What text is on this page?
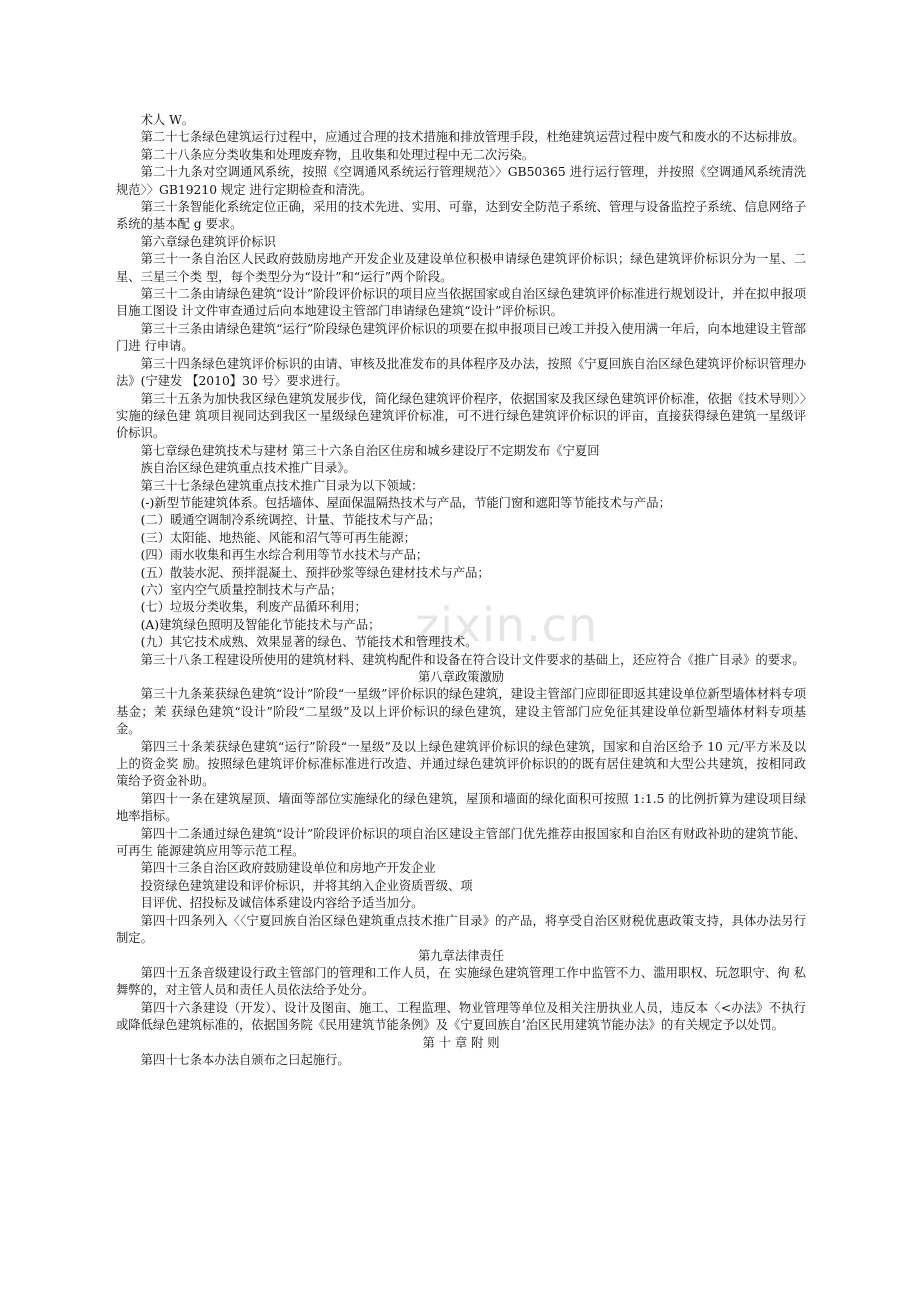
zixin.cn
术人 W。
第二十七条绿色建筑运行过程中，应通过合理的技术措施和排放管理手段，杜绝建筑运营过程中废气和废水的不达标排放。
第二十八条应分类收集和处理废弃物，且收集和处理过程中无二次污染。
第二十九条对空调通风系统，按照《空调通风系统运行管理规范〉〉GB50365 进行运行管理，并按照《空调通风系统清洗规范〉〉GB19210 规定 进行定期检查和清洗。
第三十条智能化系统定位正确，采用的技术先进、实用、可靠，达到安全防范子系统、管理与设备监控子系统、信息网络子系统的基本配 g 要求。
第六章绿色建筑评价标识
第三十一条自治区人民政府鼓励房地产开发企业及建设单位积极申请绿色建筑评价标识；绿色建筑评价标识分为一星、二星、三星三个类 型，每个类型分为“设计”和“运行”两个阶段。
第三十二条由请绿色建筑“设计”阶段评价标识的项目应当依据国家或自治区绿色建筑评价标准进行规划设计，并在拟申报项目施工图设 计文件审查通过后向本地建设主管部门串请绿色建筑“设计”评价标识。
第三十三条由请绿色建筑“运行”阶段绿色建筑评价标识的项要在拟申报项目已竣工并投入使用满一年后，向本地建设主管部门进 行申请。
第三十四条绿色建筑评价标识的由请、审核及批准发布的具体程序及办法，按照《宁夏回族自治区绿色建筑评价标识管理办法》(宁建发 【2010】30 号〉要求进行。
第三十五条为加快我区绿色建筑发展步伐，简化绿色建筑评价程序，依据国家及我区绿色建筑评价标准，依据《技术导则〉〉实施的绿色建 筑项目视同达到我区一星级绿色建筑评价标准，可不进行绿色建筑评价标识的评亩，直接获得绿色建筑一星级评价标识。
第七章绿色建筑技术与建材 第三十六条自治区住房和城乡建设厅不定期发布《宁夏回
族自治区绿色建筑重点技术推广目录》。
第三十七条绿色建筑重点技术推广目录为以下领域：
(-)新型节能建筑体系。包括墙体、屋面保温隔热技术与产品，节能门窗和遮阳等节能技术与产品；
(二）暖通空调制冷系统调控、计量、节能技术与产品；
(三）太阳能、地热能、风能和沼气等可再生能源；
(四）雨水收集和再生水综合利用等节水技术与产品；
(五）散装水泥、预拌混凝土、预拌砂浆等绿色建材技术与产品；
(六）室内空气质量控制技术与产品；
(七）垃圾分类收集，利废产品循环利用；
(A)建筑绿色照明及智能化节能技术与产品；
(九）其它技术成熟、效果显著的绿色、节能技术和管理技术。
第三十八条工程建设所使用的建筑材料、建筑构配件和设备在符合设计文件要求的基础上，还应符合《推广目录》的要求。
第八章政策激励
第三十九条莱获绿色建筑“设计”阶段“一星级”评价标识的绿色建筑，建设主管部门应即征即返其建设单位新型墙体材料专项基金；茉 获绿色建筑“设计”阶段“二星级”及以上评价标识的绿色建筑，建设主管部门应免征其建设单位新型墙体材料专项基金。
第四三十条茉获绿色建筑“运行”阶段“一星级”及以上绿色建筑评价标识的绿色建筑，国家和自治区给予 10 元/平方米及以上的资金奖 励。按照绿色建筑评价标准标准进行改造、并通过绿色建筑评价标识的的既有居住建筑和大型公共建筑，按相同政策给予资金补助。
第四十一条在建筑屋顶、墙面等部位实施绿化的绿色建筑，屋顶和墙面的绿化面积可按照 1:1.5 的比例折算为建设项目绿地率指标。
第四十二条通过绿色建筑“设计”阶段评价标识的项自治区建设主管部门优先推荐由报国家和自治区有财政补助的建筑节能、可再生 能源建筑应用等示范工程。
第四十三条自治区政府鼓励建设单位和房地产开发企业
投资绿色建筑建设和评价标识，并将其纳入企业资质晋级、项
目评优、招投标及诚信体系建设内容给予适当加分。
第四十四条列入〈〈宁夏回族自治区绿色建筑重点技术推广目录》的产品，将享受自治区财税优惠政策支持，具体办法另行制定。
第九章法律责任
第四十五条音级建设行政主管部门的管理和工作人员，在 实施绿色建筑管理工作中监管不力、滥用职权、玩忽职守、徇 私舞弊的，对主管人员和责任人员依法给予处分。
第四十六条建设（开发）、设计及图亩、施工、工程监理、物业管理等单位及相关注册执业人员，违反本〈<办法》不执行或降低绿色建筑标准的，依据国务院《民用建筑节能条例》及《宁夏回族自’治区民用建筑节能办法》的有关规定予以处罚。
第 十 章 附 则
第四十七条本办法自颁布之曰起施行。
